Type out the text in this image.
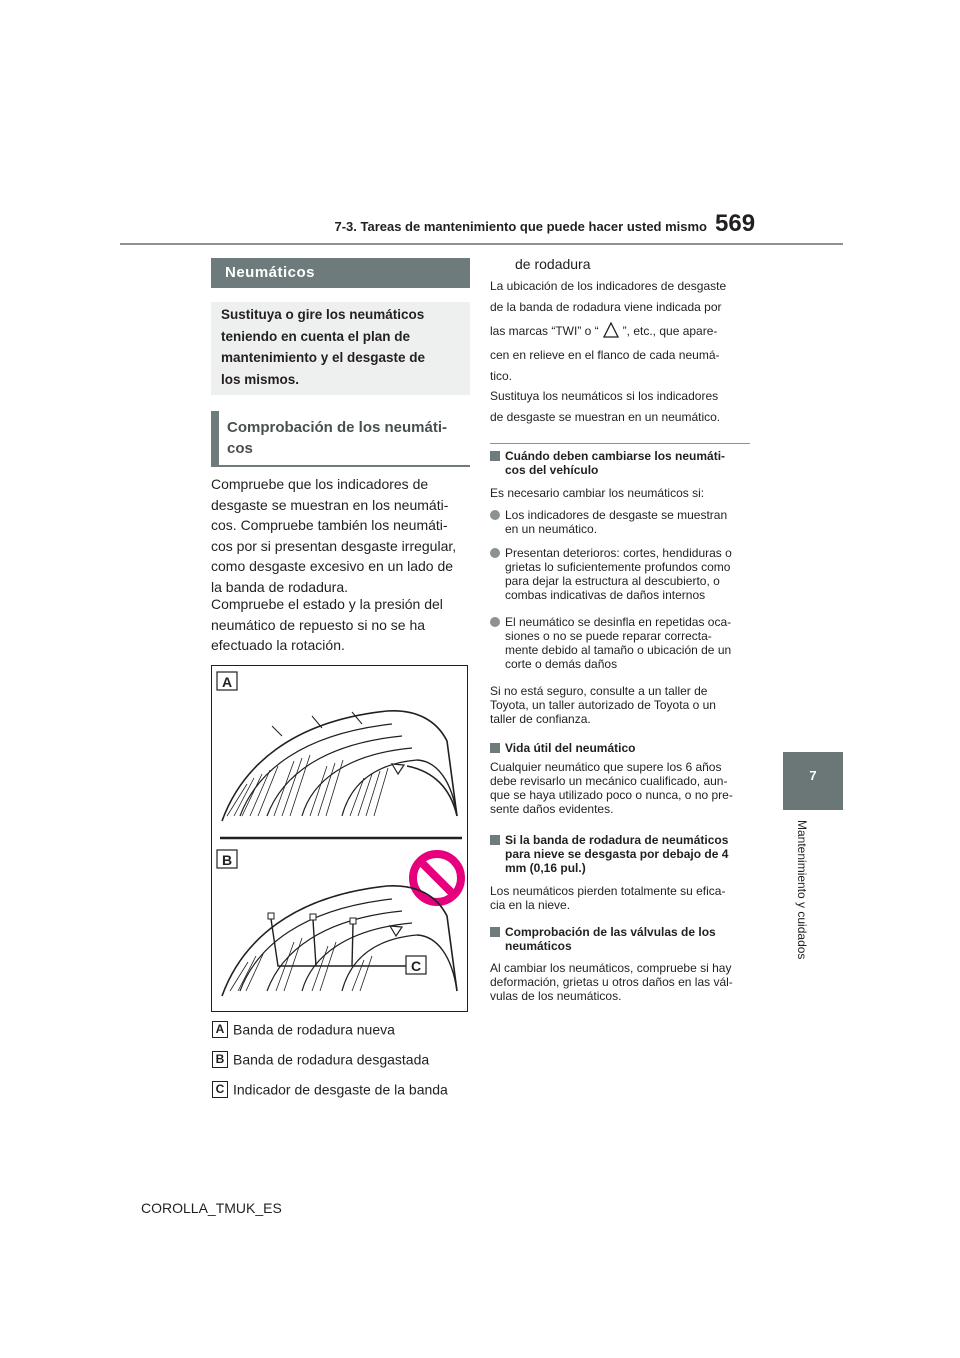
7-3. Tareas de mantenimiento que puede hacer usted mismo 569
7
Mantenimiento y cuidados
Neumáticos
Sustituya o gire los neumáticos
teniendo en cuenta el plan de
mantenimiento y el desgaste de
los mismos.
Comprobación de los neumáti-
cos
Compruebe que los indicadores de
desgaste se muestran en los neumáti-
cos. Compruebe también los neumáti-
cos por si presentan desgaste irregular,
como desgaste excesivo en un lado de
la banda de rodadura.
Compruebe el estado y la presión del
neumático de repuesto si no se ha
efectuado la rotación.
A
B
C
A Banda de rodadura nueva
B Banda de rodadura desgastada
C Indicador de desgaste de la banda
de rodadura
La ubicación de los indicadores de desgaste
de la banda de rodadura viene indicada por
las marcas “TWI” o “ ”, etc., que apare-
cen en relieve en el flanco de cada neumá-
tico.
Sustituya los neumáticos si los indicadores
de desgaste se muestran en un neumático.
Cuándo deben cambiarse los neumáti-
cos del vehículo
Es necesario cambiar los neumáticos si:
Los indicadores de desgaste se muestran
en un neumático.
Presentan deterioros: cortes, hendiduras o
grietas lo suficientemente profundos como
para dejar la estructura al descubierto, o
combas indicativas de daños internos
El neumático se desinfla en repetidas oca-
siones o no se puede reparar correcta-
mente debido al tamaño o ubicación de un
corte o demás daños
Si no está seguro, consulte a un taller de
Toyota, un taller autorizado de Toyota o un
taller de confianza.
Vida útil del neumático
Cualquier neumático que supere los 6 años
debe revisarlo un mecánico cualificado, aun-
que se haya utilizado poco o nunca, o no pre-
sente daños evidentes.
Si la banda de rodadura de neumáticos
para nieve se desgasta por debajo de 4
mm (0,16 pul.)
Los neumáticos pierden totalmente su efica-
cia en la nieve.
Comprobación de las válvulas de los
neumáticos
Al cambiar los neumáticos, compruebe si hay
deformación, grietas u otros daños en las vál-
vulas de los neumáticos.
COROLLA_TMUK_ES
